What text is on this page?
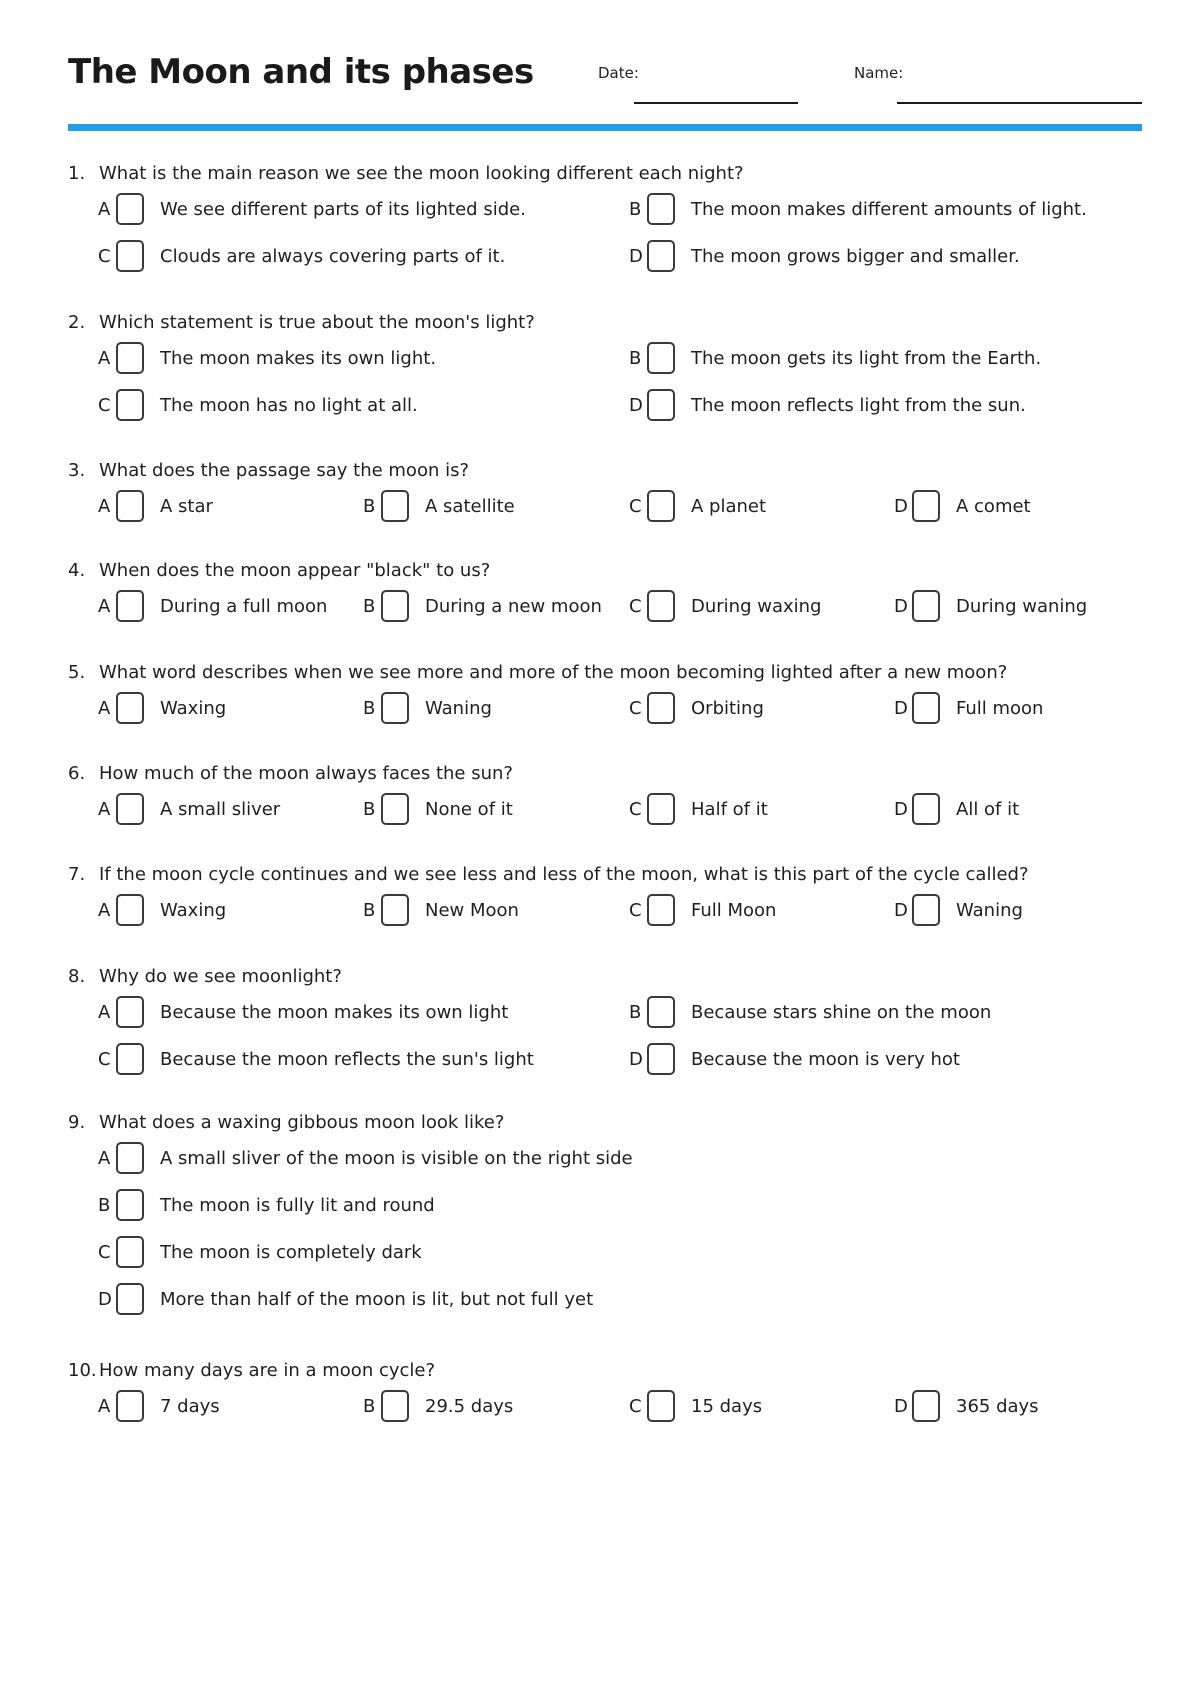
The Moon and its phases	Date:	Name:
1. What is the main reason we see the moon looking different each night?
A	We see different parts of its lighted side.	B	The moon makes different amounts of light.
C	Clouds are always covering parts of it.	D	The moon grows bigger and smaller.
2. Which statement is true about the moon's light?
A	The moon makes its own light.	B	The moon gets its light from the Earth.
C	The moon has no light at all.	D	The moon reflects light from the sun.
3. What does the passage say the moon is?
A	A star	B	A satellite	C	A planet	D	A comet
4. When does the moon appear "black" to us?
A	During a full moon B	During a new moon C	During waxing	D	During waning
5. What word describes when we see more and more of the moon becoming lighted after a new moon?
A	Waxing	B	Waning	C	Orbiting	D	Full moon
6. How much of the moon always faces the sun?
A	A small sliver	B	None of it	C	Half of it	D	All of it
7. If the moon cycle continues and we see less and less of the moon, what is this part of the cycle called?
A	Waxing	B	New Moon	C	Full Moon	D	Waning
8. Why do we see moonlight?
A	Because the moon makes its own light	B	Because stars shine on the moon
C	Because the moon reflects the sun's light	D	Because the moon is very hot
9. What does a waxing gibbous moon look like?
A	A small sliver of the moon is visible on the right side
B	The moon is fully lit and round
C	The moon is completely dark
D	More than half of the moon is lit, but not full yet
10. How many days are in a moon cycle?
A	7 days	B	29.5 days	C	15 days	D	365 days
